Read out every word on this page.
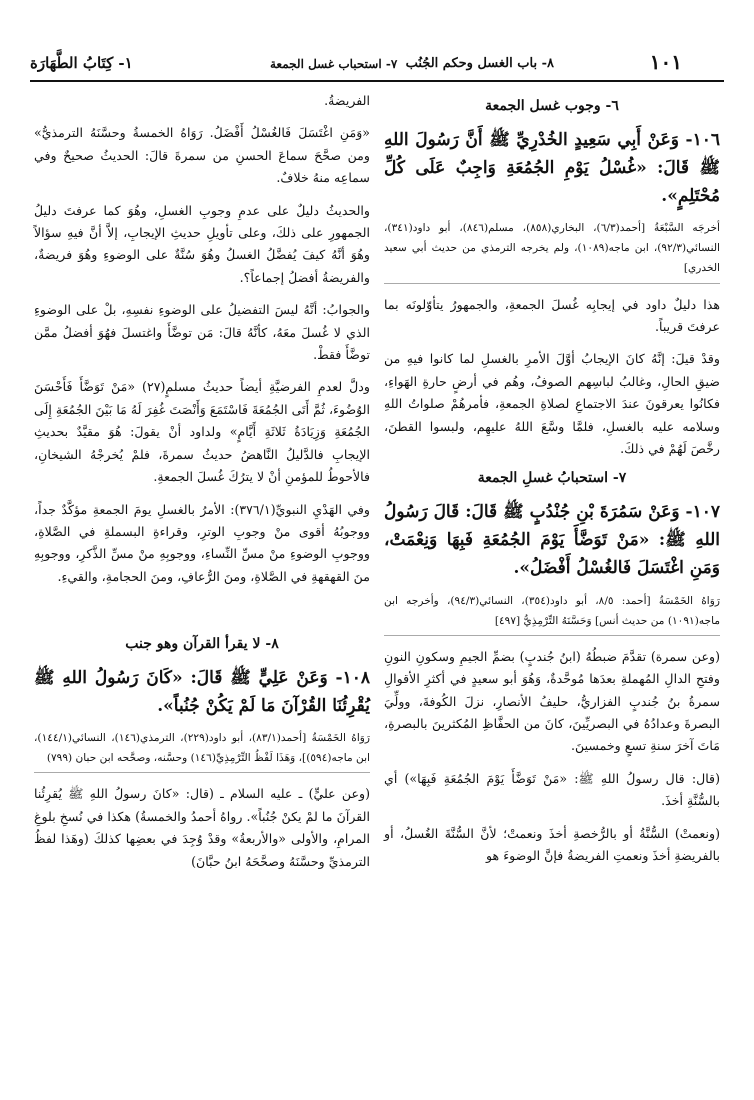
١٠١
٨- باب الغسل وحكم الجُنُب
٧- استحباب غسل الجمعة
١- كِتَابُ الطَّهَارَة
٦- وجوب غسل الجمعة

١٠٦- وَعَنْ أَبِي سَعِيدٍ الخُدْرِيِّ ﷺ أَنَّ رَسُولَ اللهِ ﷺ قَالَ: «غُسْلُ يَوْمِ الجُمُعَةِ وَاجِبٌ عَلَى كُلِّ مُحْتَلِمٍ».

أخرجَه السَّبْعَةُ [أحمد(٦/٣)، البخاري(٨٥٨)، مسلم(٨٤٦)، أبو داود(٣٤١)، النسائي(٩٢/٣)، ابن ماجه(١٠٨٩)، ولم يخرجه الترمذي من حديث أبي سعيد الخدري]

هذا دليلٌ داود في إيجابِه غُسلَ الجمعةِ، والجمهورُ يتأوّلونَه بما عرفتَ قريباً.

وقدْ قيلَ: إنَّهُ كانَ الإيجابُ أوَّلَ الأمرِ بالغسلِ لما كانوا فيهِ من ضيقِ الحالِ، وغالبُ لباسِهم الصوفُ، وهُم في أرضٍ حارةِ الهَواءِ، فكانُوا يعرقونَ عندَ الاجتماعِ لصلاةِ الجمعةِ، فأمرهُمْ صلواتُ اللهِ وسلامه عليه بالغسلِ، فلمَّا وسَّعَ اللهُ عليهِم، ولبسوا القطنَ، رخَّصَ لَهُمْ في ذلكَ.

٧- استحبابُ غسلِ الجمعة

١٠٧- وَعَنْ سَمُرَةَ بْنِ جُنْدُبٍ ﷺ قَالَ: قَالَ رَسُولُ اللهِ ﷺ: «مَنْ تَوَضَّأَ يَوْمَ الجُمُعَةِ فَبِهَا وَنِعْمَتْ، وَمَنِ اغْتَسَلَ فَالغُسْلُ أَفْضَلُ».

رَوَاهُ الخَمْسَةُ [أحمد: ٨/٥، أبو داود(٣٥٤)، النسائي(٩٤/٣)، وأخرجه ابن ماجه(١٠٩١) من حديث أنس] وَحَسَّنَهُ التِّرْمِذِيُّ [٤٩٧]

(وعن سمرة) تقدَّمَ ضبطُهُ (ابنُ جُندبٍ) بضمِّ الجيمِ وسكونِ النونِ وفتحِ الدالِ المُهملةِ بعدَها مُوحَّدةٌ، وَهُوَ أبو سعيدٍ في أكثرِ الأقوالِ سمرةُ بنُ جُندبٍ الفزاريُّ، حليفُ الأنصارِ، نزلَ الكُوفةَ، وولِّيَ البصرةَ وعدادُهُ في البصريِّينَ، كانَ من الحفَّاظِ المُكثرينَ بالبصرةِ، مَاتَ آخرَ سنةِ تسعٍ وخمسينَ.

(قال: قال رسولُ اللهِ ﷺ: «مَنْ تَوَضَّأَ يَوْمَ الجُمُعَةِ فَبِهَا») أي بالسُّنَّةِ أخذَ.

(ونعمتْ) السُّنَّةُ أو بالرُّخصةِ أخذَ ونعمتْ؛ لأنَّ السُّنَّةَ الغُسلُ، أو بالفريضةِ أخذَ ونعمتِ الفريضةُ فإنَّ الوضوءَ هو

الفريضةُ.

«وَمَنِ اغْتَسَلَ فَالغُسْلُ أَفْضَلُ. رَوَاهُ الخمسةُ وحسَّنَهُ الترمذيُّ» ومن صحَّحَ سماعَ الحسنِ من سمرةَ قالَ: الحديثُ صحيحٌ وفي سماعِه منهُ خلافٌ.

والحديثُ دليلٌ على عدمِ وجوبِ الغسلِ، وهُوَ كما عرفتَ دليلُ الجمهورِ على ذلكَ، وعلى تأويلِ حديثِ الإيجابِ، إلاَّ أنَّ فيهِ سؤالاً وهُوَ أنَّهُ كيفَ يُفضَّلُ الغسلُ وهُوَ سُنَّةٌ على الوضوءِ وهُوَ فريضةٌ، والفريضةُ أفضلُ إجماعاً؟.

والجوابُ: أنَّهُ ليسَ التفضيلُ على الوضوءِ نفسِهِ، بلْ على الوضوءِ الذي لا غُسلَ معَهُ، كأنَّهُ قالَ: مَن توضَّأَ واغتسلَ فهُوَ أفضلُ ممَّن توضَّأَ فقطْ.

ودلَّ لعدمِ الفرضيَّةِ أيضاً حديثُ مسلمٍ(٢٧) «مَنْ تَوَضَّأَ فَأَحْسَنَ الوُضُوءَ، ثُمَّ أَتَى الجُمُعَةَ فَاسْتَمَعَ وَأَنْصَتَ غُفِرَ لَهُ مَا بَيْنَ الجُمُعَةِ إِلَى الجُمُعَةِ وَزِيَادَةُ ثَلاثَةِ أَيَّامٍ» ولداود أنْ يقولَ: هُوَ مقيَّدٌ بحديثِ الإيجابِ فالدَّليلُ النَّاهضُ حديثُ سمرةَ، فلمْ يُخرجْهُ الشيخانِ، فالأحوطُ للمؤمنِ أنْ لا يترُكَ غُسلَ الجمعةِ.

وفي الهَدْيِ النبويِّ(٣٧٦/١): الأمرُ بالغسلِ يومَ الجمعةِ مؤكَّدٌ جداً، ووجوبُهُ أقوى منْ وجوبِ الوترِ، وقراءةِ البسملةِ في الصَّلاةِ، ووجوبِ الوضوءِ منْ مسِّ النِّساءِ، ووجوبِهِ منْ مسِّ الذَّكرِ، ووجوبِهِ منَ القهقهةِ في الصَّلاةِ، ومنَ الرُّعافِ، ومنَ الحجامةِ، والقيءِ.

٨- لا يقرأ القرآن وهو جنب

١٠٨- وَعَنْ عَلِيٍّ ﷺ قَالَ: «كَانَ رَسُولُ اللهِ ﷺ يُقْرِئُنَا القُرْآنَ مَا لَمْ يَكُنْ جُنُباً».

رَوَاهُ الخَمْسَةُ [أحمد(٨٣/١)، أبو داود(٢٢٩)، الترمذي(١٤٦)، النسائي(١٤٤/١)، ابن ماجه(٥٩٤)]، وَهَذَا لَفْظُ التِّرْمِذِيِّ(١٤٦) وحسَّنه، وصحَّحه ابن حبان (٧٩٩)

(وعن عليٍّ) ـ عليه السلام ـ (قال: «كانَ رسولُ اللهِ ﷺ يُقرِئُنا القرآنَ ما لمْ يكنْ جُنُباً». رواهُ أحمدُ والخمسةُ) هكذا في نُسخِ بلوغِ المرامِ، والأولى «والأربعةُ» وقدْ وُجِدَ في بعضِها كذلكَ (وهَذا لفظُ الترمذيِّ وحسَّنَهُ وصحَّحَهُ ابنُ حبَّانَ)
